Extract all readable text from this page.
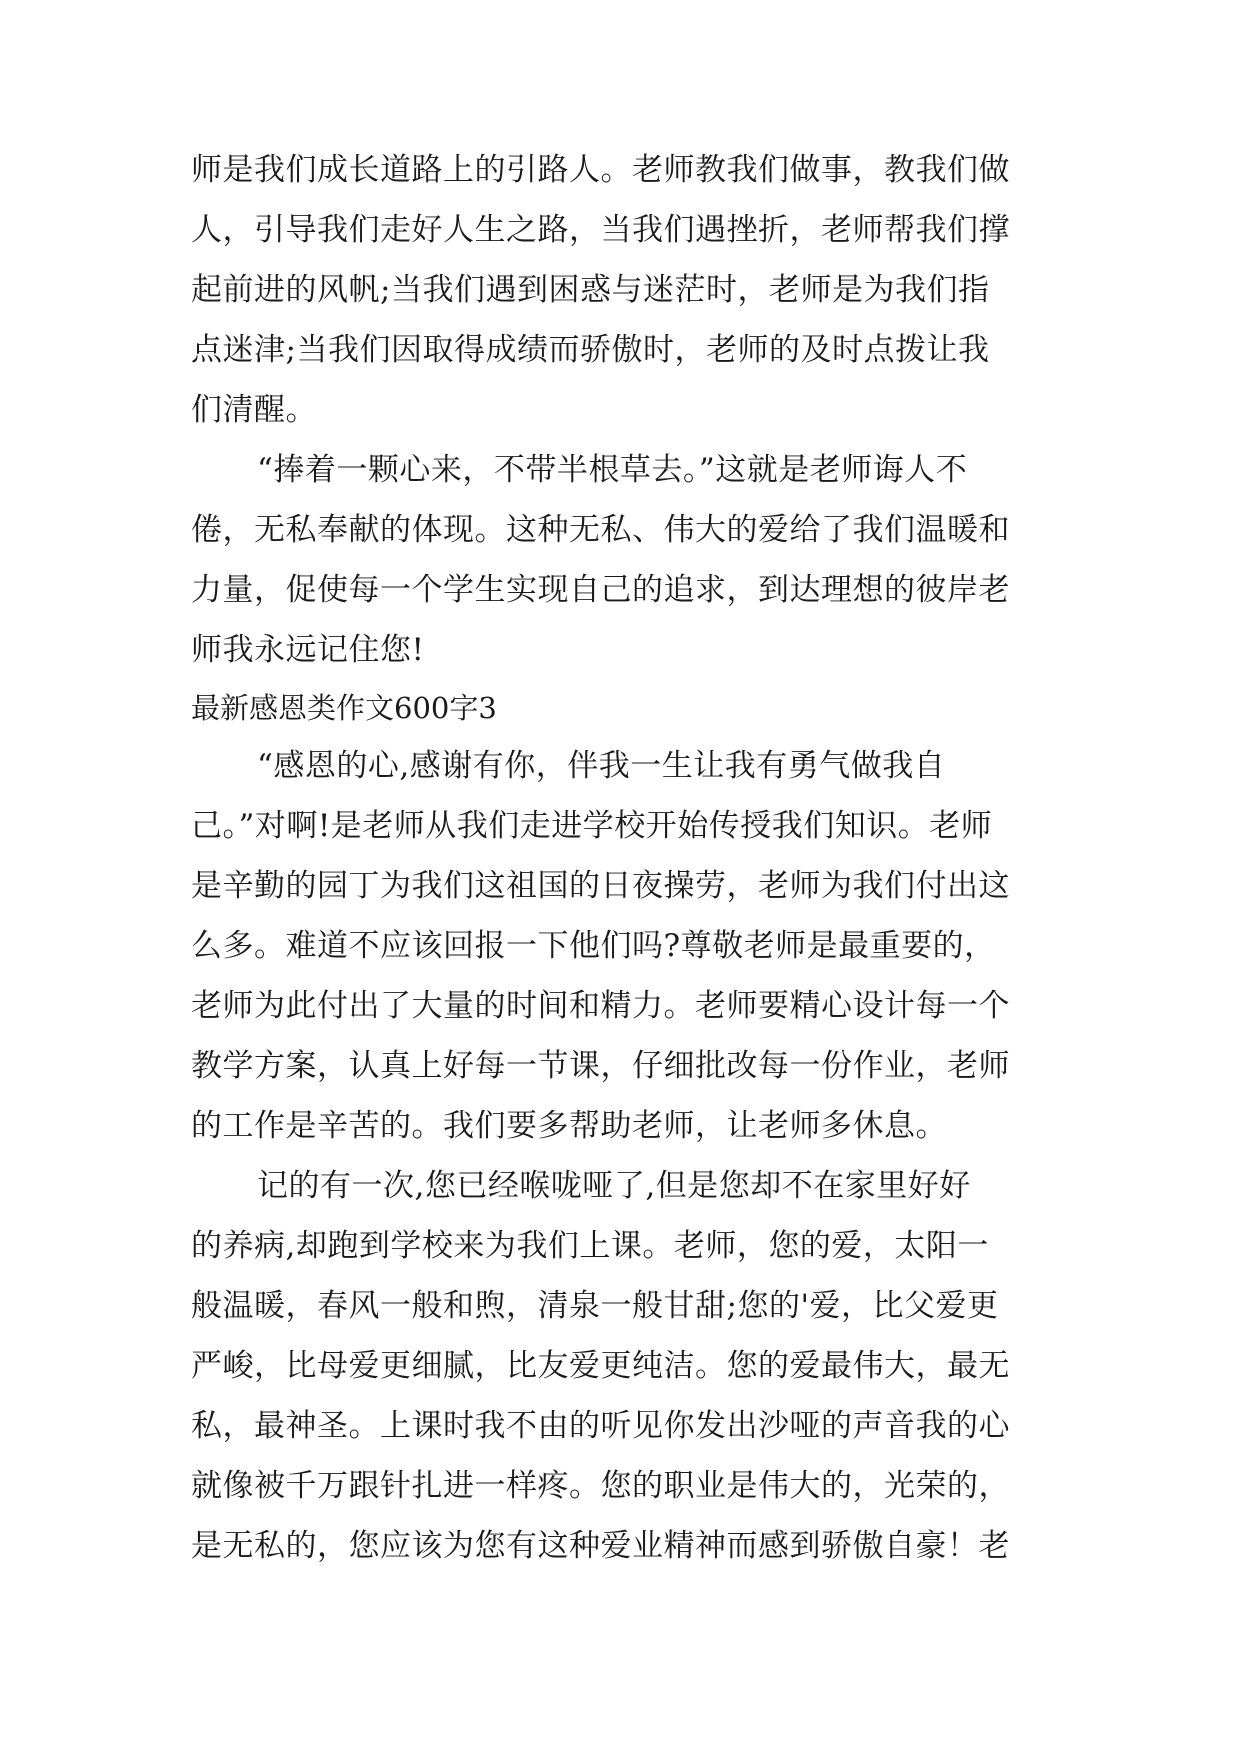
师是我们成长道路上的引路人。老师教我们做事，教我们做
人，引导我们走好人生之路，当我们遇挫折，老师帮我们撑
起前进的风帆;当我们遇到困惑与迷茫时，老师是为我们指
点迷津;当我们因取得成绩而骄傲时，老师的及时点拨让我
们清醒。
“捧着一颗心来，不带半根草去。”这就是老师诲人不
倦，无私奉献的体现。这种无私、伟大的爱给了我们温暖和
力量，促使每一个学生实现自己的追求，到达理想的彼岸老
师我永远记住您!
最新感恩类作文600字3
“感恩的心,感谢有你，伴我一生让我有勇气做我自
己。”对啊!是老师从我们走进学校开始传授我们知识。老师
是辛勤的园丁为我们这祖国的日夜操劳，老师为我们付出这
么多。难道不应该回报一下他们吗?尊敬老师是最重要的，
老师为此付出了大量的时间和精力。老师要精心设计每一个
教学方案，认真上好每一节课，仔细批改每一份作业，老师
的工作是辛苦的。我们要多帮助老师，让老师多休息。
记的有一次,您已经喉咙哑了,但是您却不在家里好好
的养病,却跑到学校来为我们上课。老师，您的爱，太阳一
般温暖，春风一般和煦，清泉一般甘甜;您的'爱，比父爱更
严峻，比母爱更细腻，比友爱更纯洁。您的爱最伟大，最无
私，最神圣。上课时我不由的听见你发出沙哑的声音我的心
就像被千万跟针扎进一样疼。您的职业是伟大的，光荣的，
是无私的，您应该为您有这种爱业精神而感到骄傲自豪！老
